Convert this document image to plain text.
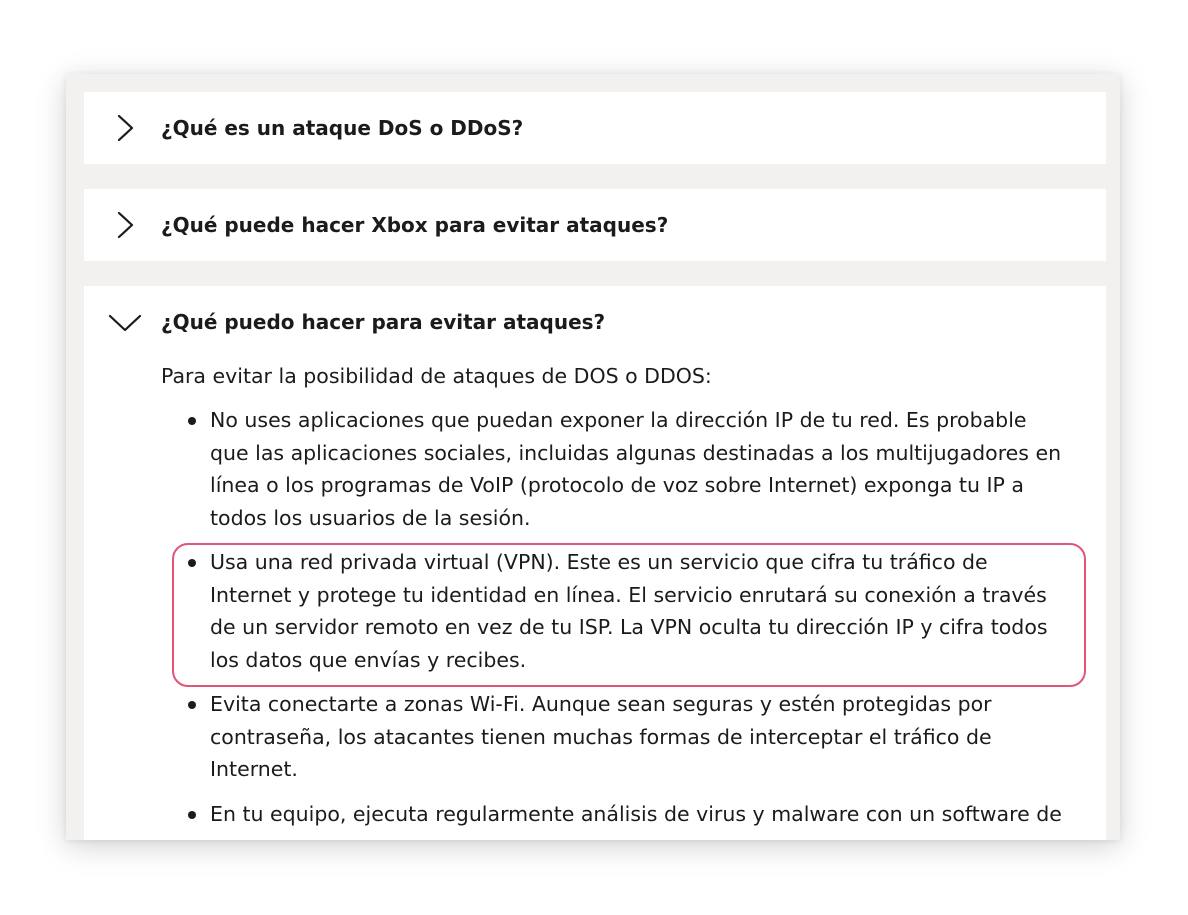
¿Qué es un ataque DoS o DDoS?
¿Qué puede hacer Xbox para evitar ataques?
¿Qué puedo hacer para evitar ataques?

Para evitar la posibilidad de ataques de DOS o DDOS:

No uses aplicaciones que puedan exponer la dirección IP de tu red. Es probable
que las aplicaciones sociales, incluidas algunas destinadas a los multijugadores en
línea o los programas de VoIP (protocolo de voz sobre Internet) exponga tu IP a
todos los usuarios de la sesión.
Usa una red privada virtual (VPN). Este es un servicio que cifra tu tráfico de
Internet y protege tu identidad en línea. El servicio enrutará su conexión a través
de un servidor remoto en vez de tu ISP. La VPN oculta tu dirección IP y cifra todos
los datos que envías y recibes.
Evita conectarte a zonas Wi-Fi. Aunque sean seguras y estén protegidas por
contraseña, los atacantes tienen muchas formas de interceptar el tráfico de
Internet.
En tu equipo, ejecuta regularmente análisis de virus y malware con un software de
